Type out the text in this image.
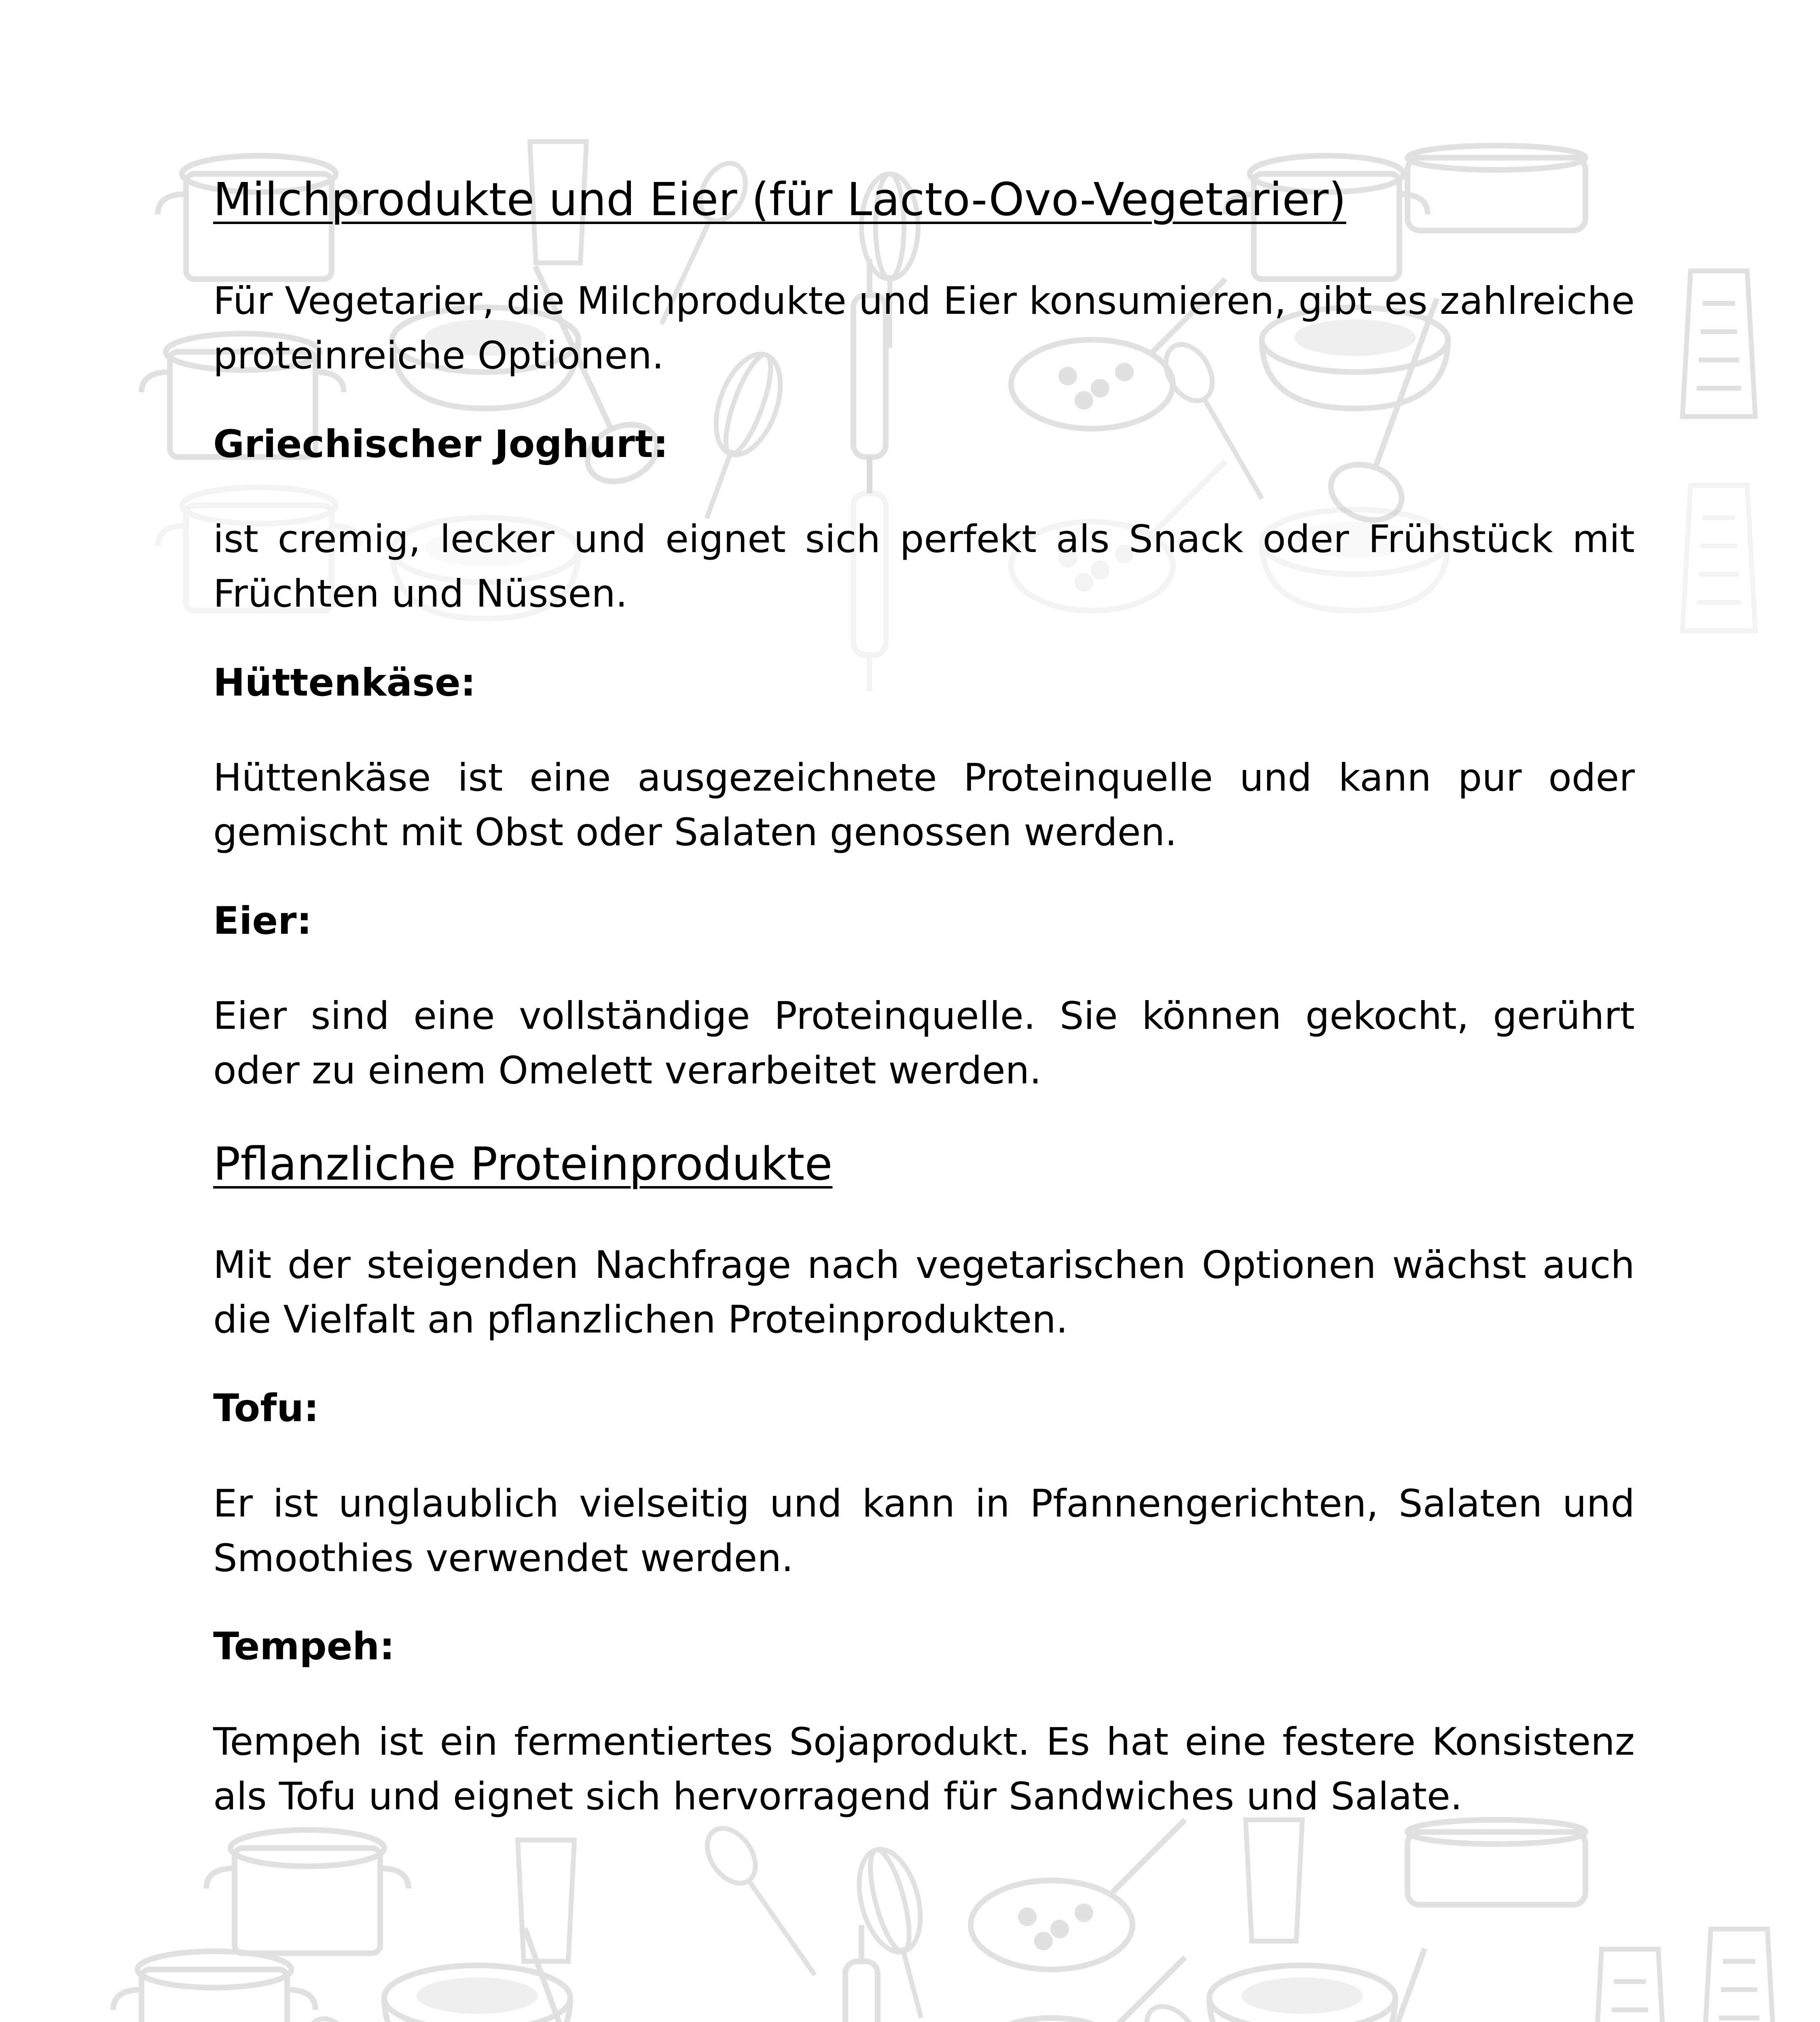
Milchprodukte und Eier (für Lacto-Ovo-Vegetarier)

Für Vegetarier, die Milchprodukte und Eier konsumieren, gibt es zahlreiche proteinreiche Optionen.

Griechischer Joghurt:

ist cremig, lecker und eignet sich perfekt als Snack oder Frühstück mit Früchten und Nüssen.

Hüttenkäse:

Hüttenkäse ist eine ausgezeichnete Proteinquelle und kann pur oder gemischt mit Obst oder Salaten genossen werden.

Eier:

Eier sind eine vollständige Proteinquelle. Sie können gekocht, gerührt oder zu einem Omelett verarbeitet werden.

Pflanzliche Proteinprodukte

Mit der steigenden Nachfrage nach vegetarischen Optionen wächst auch die Vielfalt an pflanzlichen Proteinprodukten.

Tofu:

Er ist unglaublich vielseitig und kann in Pfannengerichten, Salaten und Smoothies verwendet werden.

Tempeh:

Tempeh ist ein fermentiertes Sojaprodukt. Es hat eine festere Konsistenz als Tofu und eignet sich hervorragend für Sandwiches und Salate.
